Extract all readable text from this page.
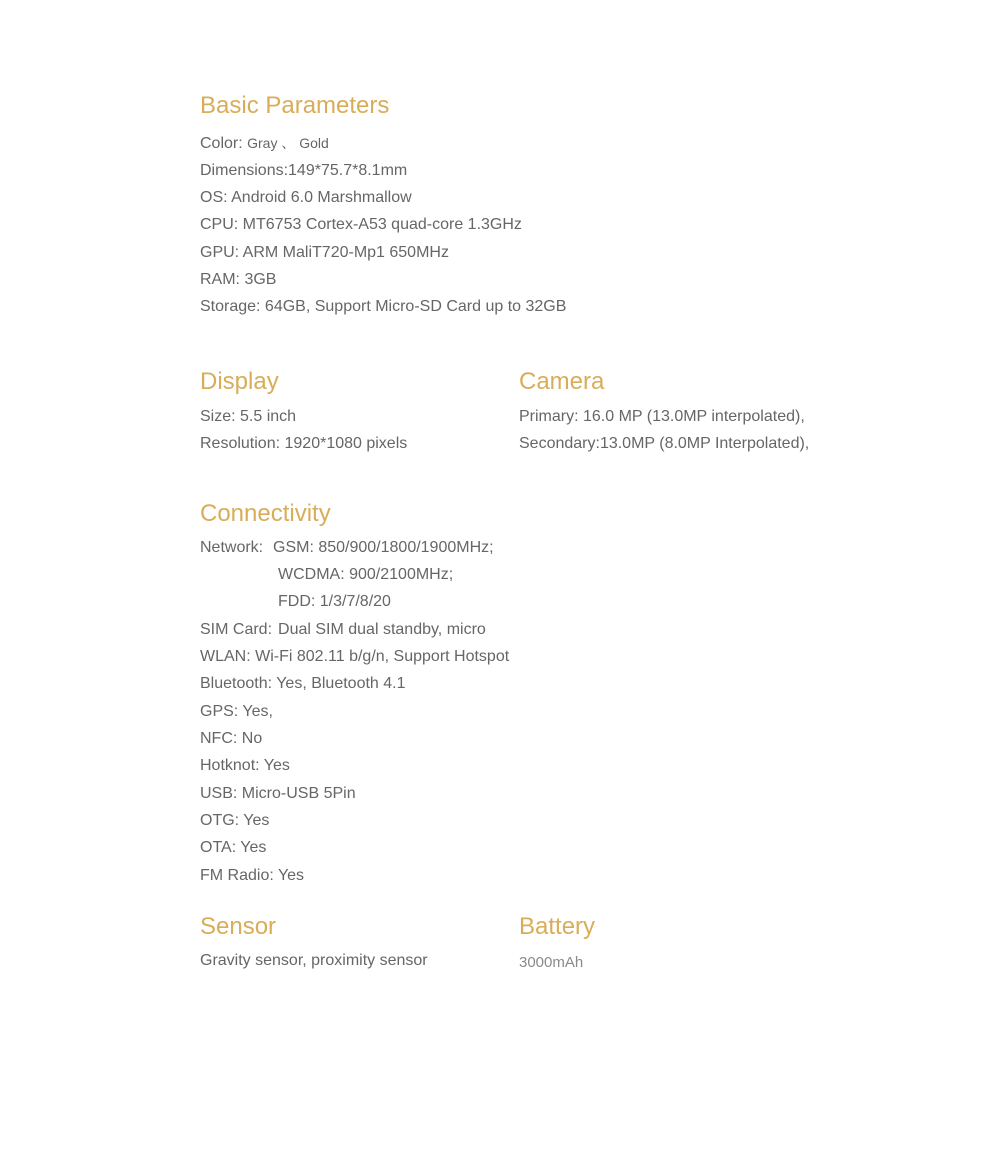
Basic Parameters
Color: Gray 、 Gold
Dimensions:149*75.7*8.1mm
OS: Android 6.0 Marshmallow
CPU: MT6753 Cortex-A53 quad-core 1.3GHz
GPU: ARM MaliT720-Mp1 650MHz
RAM: 3GB
Storage: 64GB, Support Micro-SD Card up to 32GB
Display
Size: 5.5 inch
Resolution: 1920*1080 pixels
Camera
Primary: 16.0 MP (13.0MP interpolated),
Secondary:13.0MP (8.0MP Interpolated),
Connectivity
Network: GSM: 850/900/1800/1900MHz;
WCDMA: 900/2100MHz;
FDD: 1/3/7/8/20
SIM Card: Dual SIM dual standby, micro
WLAN: Wi-Fi 802.11 b/g/n, Support Hotspot
Bluetooth: Yes, Bluetooth 4.1
GPS: Yes,
NFC: No
Hotknot: Yes
USB: Micro-USB 5Pin
OTG: Yes
OTA: Yes
FM Radio: Yes
Sensor
Gravity sensor, proximity sensor
Battery
3000mAh
